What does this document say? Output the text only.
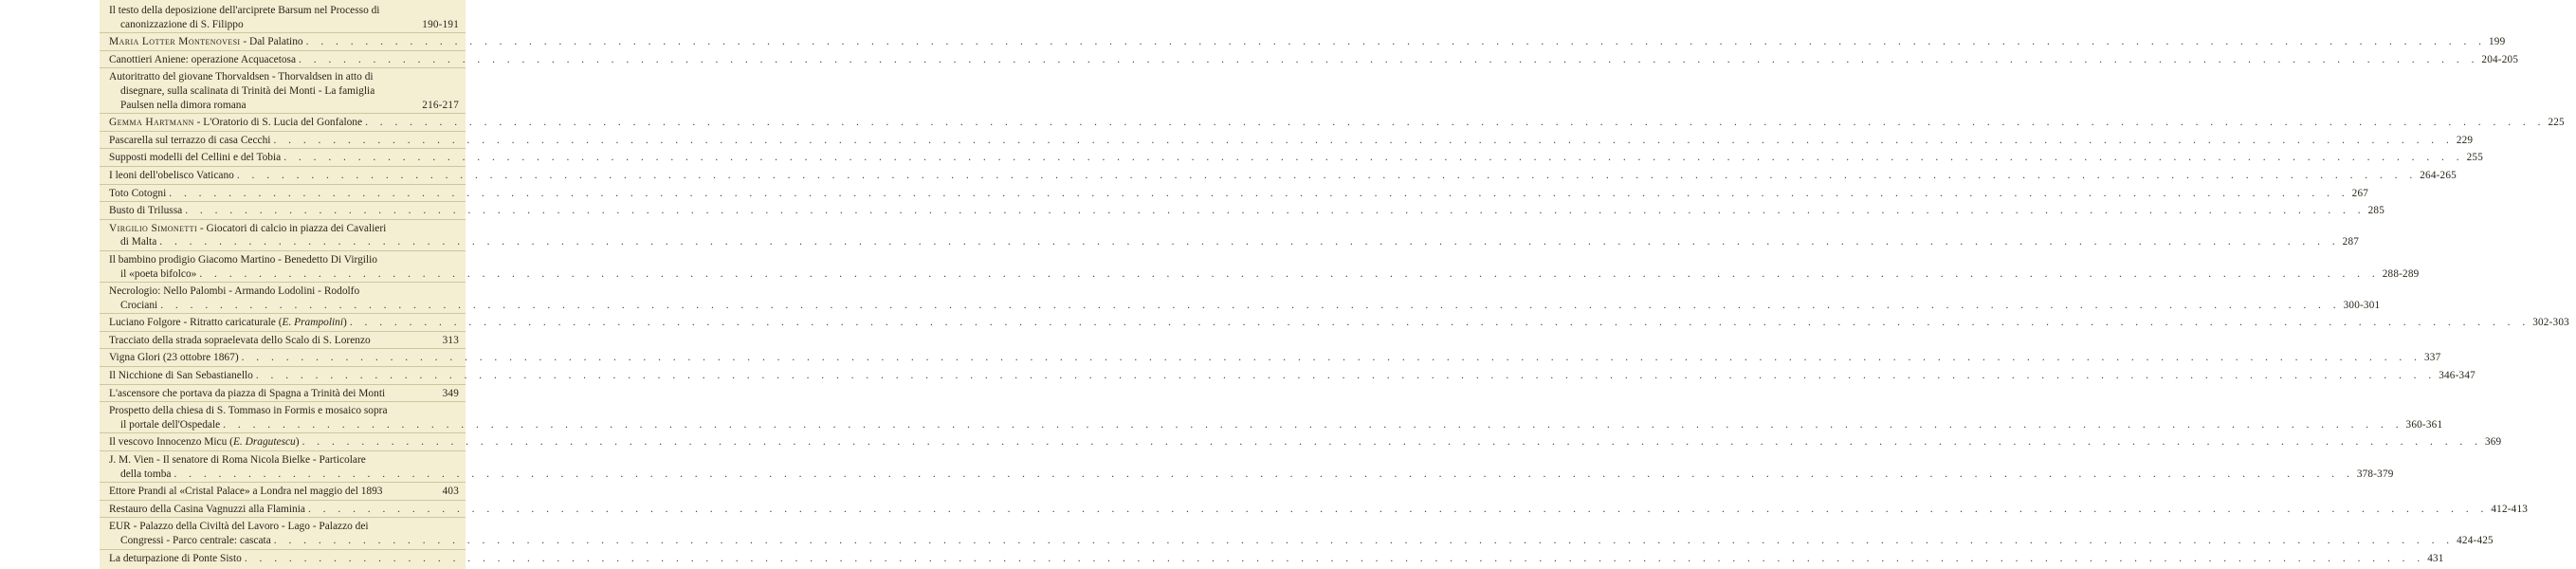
Il testo della deposizione dell'arciprete Barsum nel Processo di
canonizzazione di S. Filippo	190-191
Maria Lotter Montenovesi - Dal Palatino . . .	199
Canottieri Aniene: operazione Acquacetosa . . .	204-205
Autoritratto del giovane Thorvaldsen - Thorvaldsen in atto di
disegnare, sulla scalinata di Trinità dei Monti - La famiglia
Paulsen nella dimora romana	216-217
Gemma Hartmann - L'Oratorio di S. Lucia del Gonfalone . . .	225
Pascarella sul terrazzo di casa Cecchi . . .	229
Supposti modelli del Cellini e del Tobia . . .	255
I leoni dell'obelisco Vaticano . . .	264-265
Toto Cotogni . . .	267
Busto di Trilussa . . .	285
Virgilio Simonetti - Giocatori di calcio in piazza dei Cavalieri
di Malta . . .	287
Il bambino prodigio Giacomo Martino - Benedetto Di Virgilio
il «poeta bifolco» . . .	288-289
Necrologio: Nello Palombi - Armando Lodolini - Rodolfo
Crociani . . .	300-301
Luciano Folgore - Ritratto caricaturale (E. Prampolini) . . .	302-303
Tracciato della strada sopraelevata dello Scalo di S. Lorenzo	313
Vigna Glori (23 ottobre 1867) . . .	337
Il Nicchione di San Sebastianello . . .	346-347
L'ascensore che portava da piazza di Spagna a Trinità dei Monti	349
Prospetto della chiesa di S. Tommaso in Formis e mosaico sopra
il portale dell'Ospedale . . .	360-361
Il vescovo Innocenzo Micu (E. Dragutescu) . . .	369
J. M. Vien - Il senatore di Roma Nicola Bielke - Particolare
della tomba . . .	378-379
Ettore Prandi al «Cristal Palace» a Londra nel maggio del 1893	403
Restauro della Casina Vagnuzzi alla Flaminia . . .	412-413
EUR - Palazzo della Civiltà del Lavoro - Lago - Palazzo dei
Congressi - Parco centrale: cascata . . .	424-425
La deturpazione di Ponte Sisto . . .	431
